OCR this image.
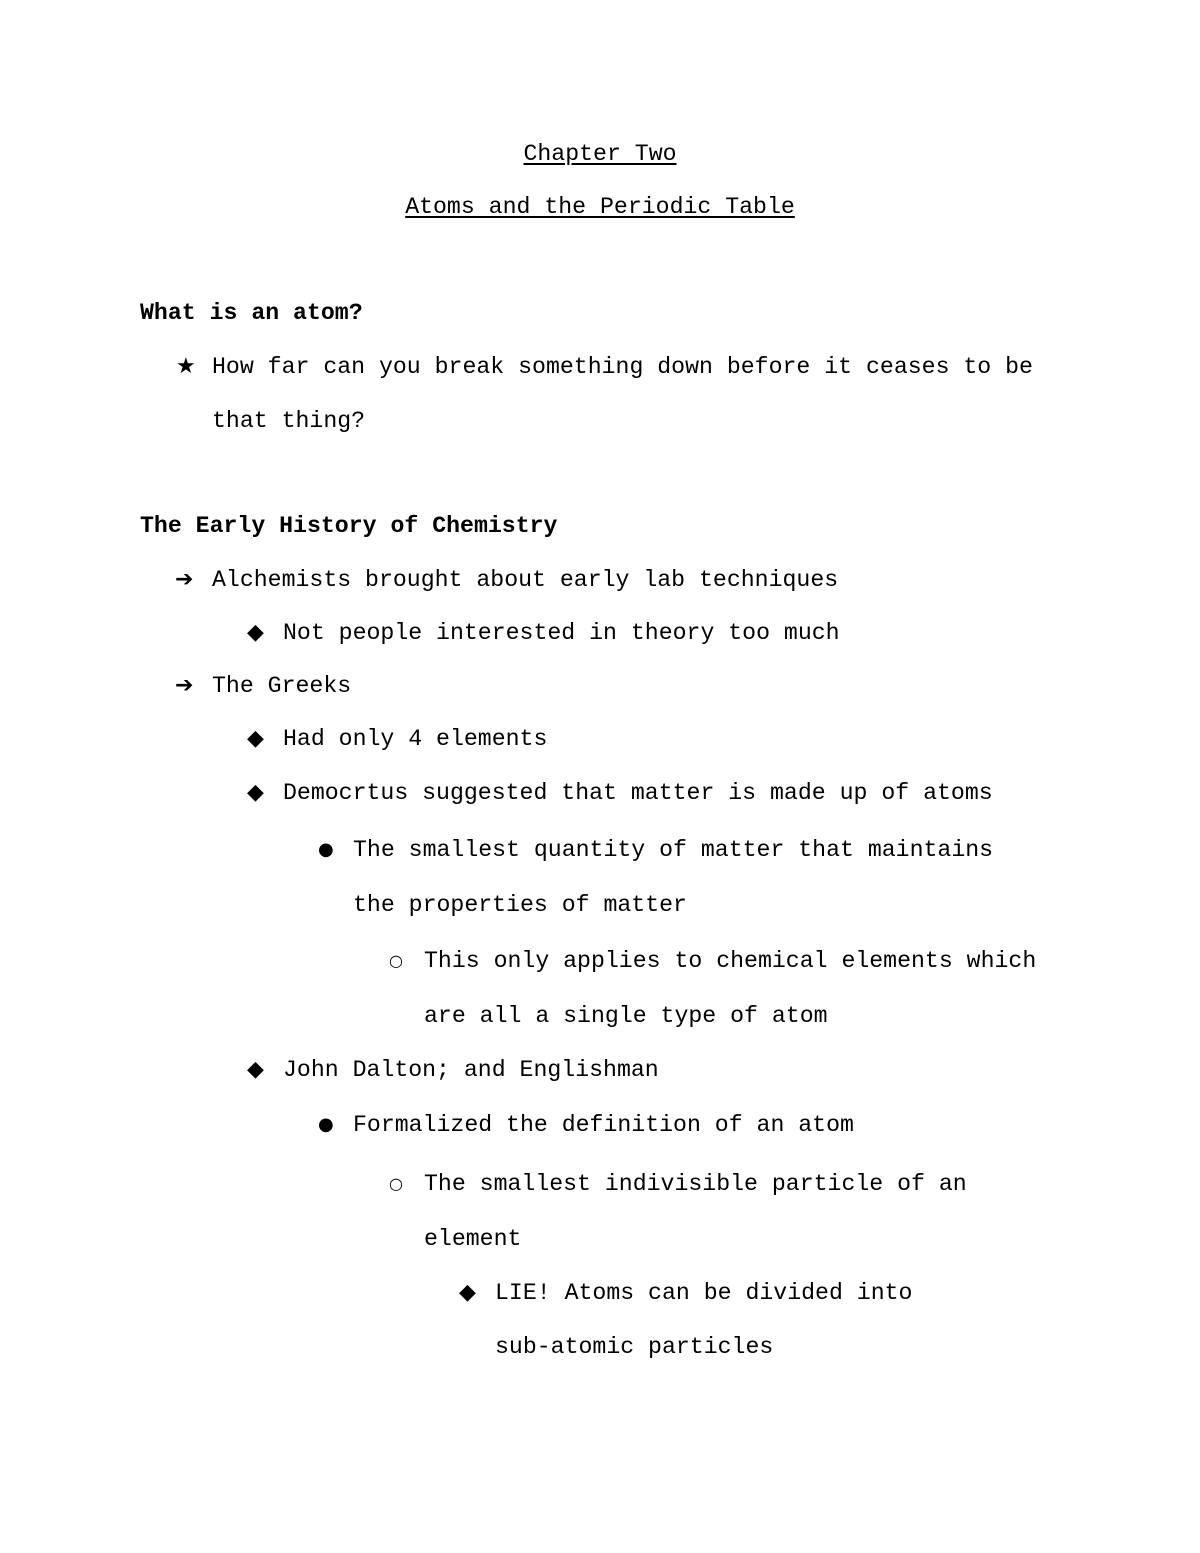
Chapter Two
Atoms and the Periodic Table
What is an atom?
★ How far can you break something down before it ceases to be
that thing?
The Early History of Chemistry
➔ Alchemists brought about early lab techniques
◆ Not people interested in theory too much
➔ The Greeks
◆ Had only 4 elements
◆ Democrtus suggested that matter is made up of atoms
● The smallest quantity of matter that maintains
the properties of matter
○ This only applies to chemical elements which
are all a single type of atom
◆ John Dalton; and Englishman
● Formalized the definition of an atom
○ The smallest indivisible particle of an
element
◆ LIE! Atoms can be divided into
sub-atomic particles
